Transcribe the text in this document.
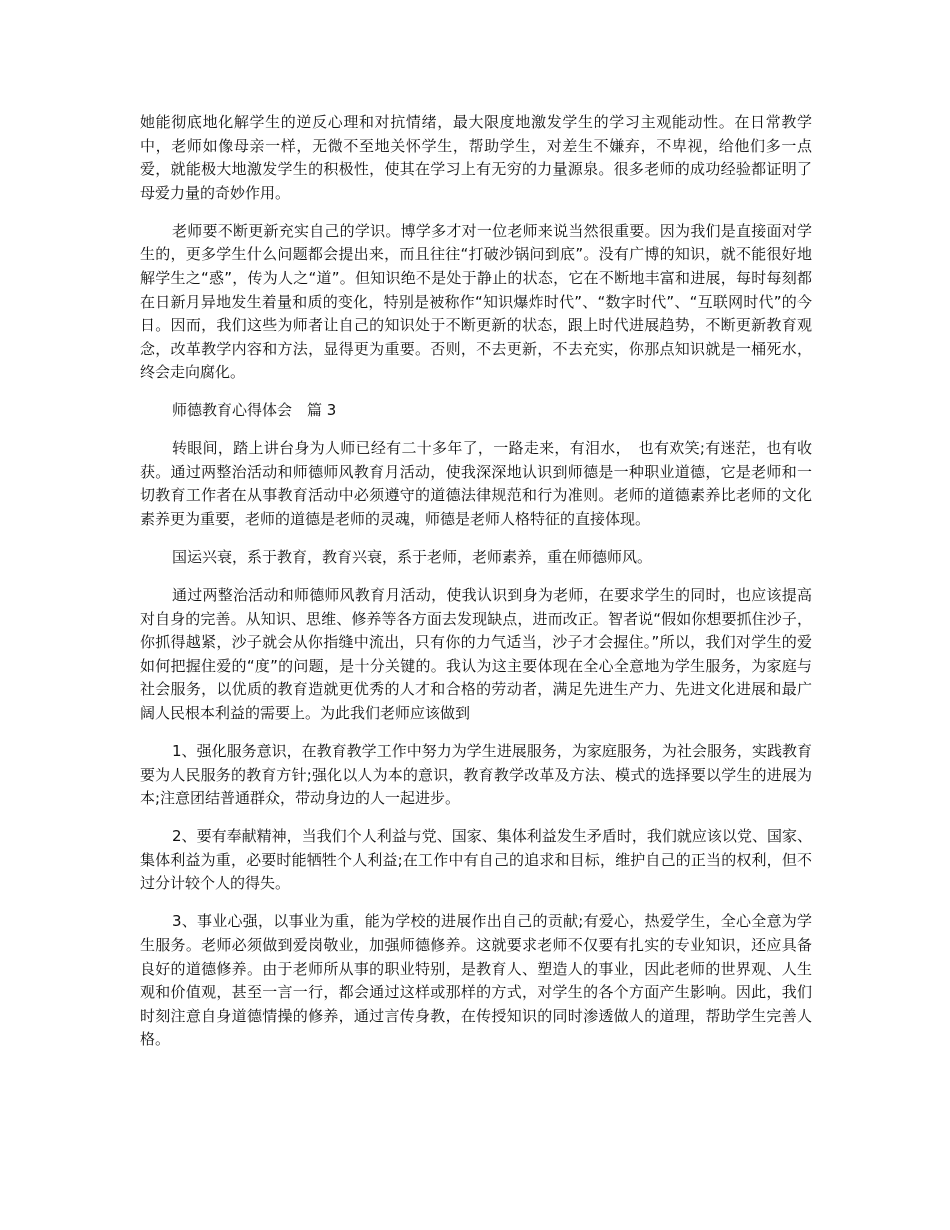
她能彻底地化解学生的逆反心理和对抗情绪，最大限度地激发学生的学习主观能动性。在日常教学中，老师如像母亲一样，无微不至地关怀学生，帮助学生，对差生不嫌弃，不卑视，给他们多一点爱，就能极大地激发学生的积极性，使其在学习上有无穷的力量源泉。很多老师的成功经验都证明了母爱力量的奇妙作用。

老师要不断更新充实自己的学识。博学多才对一位老师来说当然很重要。因为我们是直接面对学生的，更多学生什么问题都会提出来，而且往往“打破沙锅问到底”。没有广博的知识，就不能很好地解学生之“惑”，传为人之“道”。但知识绝不是处于静止的状态，它在不断地丰富和进展，每时每刻都在日新月异地发生着量和质的变化，特别是被称作“知识爆炸时代”、“数字时代”、“互联网时代”的今日。因而，我们这些为师者让自己的知识处于不断更新的状态，跟上时代进展趋势，不断更新教育观念，改革教学内容和方法，显得更为重要。否则，不去更新，不去充实，你那点知识就是一桶死水，终会走向腐化。

师德教育心得体会　篇 3

转眼间，踏上讲台身为人师已经有二十多年了，一路走来，有泪水，　也有欢笑;有迷茫，也有收获。通过两整治活动和师德师风教育月活动，使我深深地认识到师德是一种职业道德，它是老师和一切教育工作者在从事教育活动中必须遵守的道德法律规范和行为准则。老师的道德素养比老师的文化素养更为重要，老师的道德是老师的灵魂，师德是老师人格特征的直接体现。

国运兴衰，系于教育，教育兴衰，系于老师，老师素养，重在师德师风。

通过两整治活动和师德师风教育月活动，使我认识到身为老师，在要求学生的同时，也应该提高对自身的完善。从知识、思维、修养等各方面去发现缺点，进而改正。智者说“假如你想要抓住沙子，你抓得越紧，沙子就会从你指缝中流出，只有你的力气适当，沙子才会握住。”所以，我们对学生的爱如何把握住爱的“度”的问题，是十分关键的。我认为这主要体现在全心全意地为学生服务，为家庭与社会服务，以优质的教育造就更优秀的人才和合格的劳动者，满足先进生产力、先进文化进展和最广阔人民根本利益的需要上。为此我们老师应该做到

1、强化服务意识，在教育教学工作中努力为学生进展服务，为家庭服务，为社会服务，实践教育要为人民服务的教育方针;强化以人为本的意识，教育教学改革及方法、模式的选择要以学生的进展为本;注意团结普通群众，带动身边的人一起进步。

2、要有奉献精神，当我们个人利益与党、国家、集体利益发生矛盾时，我们就应该以党、国家、集体利益为重，必要时能牺牲个人利益;在工作中有自己的追求和目标，维护自己的正当的权利，但不过分计较个人的得失。

3、事业心强，以事业为重，能为学校的进展作出自己的贡献;有爱心，热爱学生，全心全意为学生服务。老师必须做到爱岗敬业，加强师德修养。这就要求老师不仅要有扎实的专业知识，还应具备良好的道德修养。由于老师所从事的职业特别，是教育人、塑造人的事业，因此老师的世界观、人生观和价值观，甚至一言一行，都会通过这样或那样的方式，对学生的各个方面产生影响。因此，我们时刻注意自身道德情操的修养，通过言传身教，在传授知识的同时渗透做人的道理，帮助学生完善人格。
